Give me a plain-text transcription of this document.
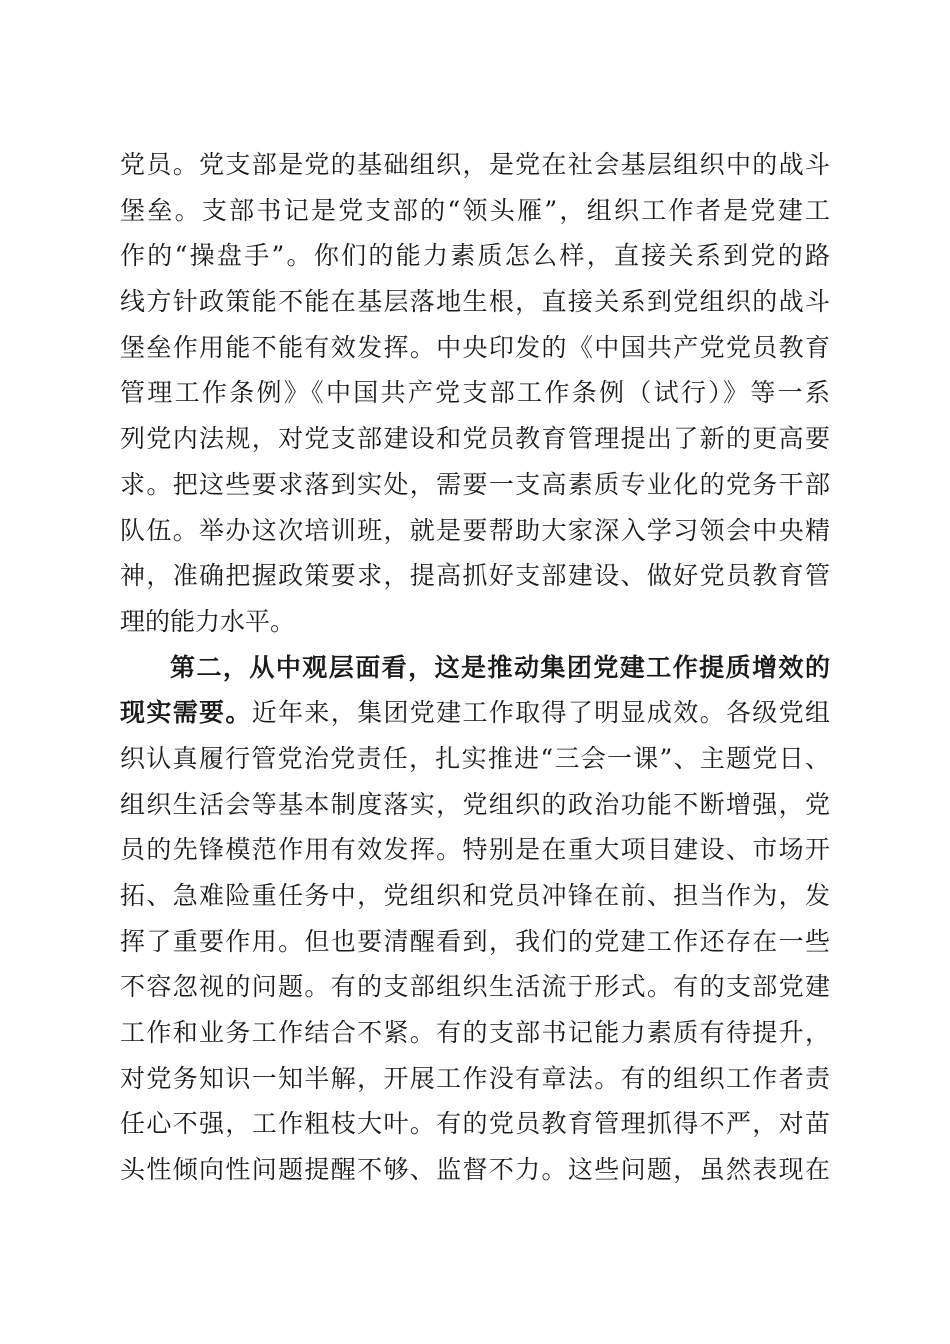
党员。党支部是党的基础组织，是党在社会基层组织中的战斗
堡垒。支部书记是党支部的“领头雁”，组织工作者是党建工
作的“操盘手”。你们的能力素质怎么样，直接关系到党的路
线方针政策能不能在基层落地生根，直接关系到党组织的战斗
堡垒作用能不能有效发挥。中央印发的《中国共产党党员教育
管理工作条例》《中国共产党支部工作条例（试行）》等一系
列党内法规，对党支部建设和党员教育管理提出了新的更高要
求。把这些要求落到实处，需要一支高素质专业化的党务干部
队伍。举办这次培训班，就是要帮助大家深入学习领会中央精
神，准确把握政策要求，提高抓好支部建设、做好党员教育管
理的能力水平。
第二，从中观层面看，这是推动集团党建工作提质增效的
现实需要。近年来，集团党建工作取得了明显成效。各级党组
织认真履行管党治党责任，扎实推进“三会一课”、主题党日、
组织生活会等基本制度落实，党组织的政治功能不断增强，党
员的先锋模范作用有效发挥。特别是在重大项目建设、市场开
拓、急难险重任务中，党组织和党员冲锋在前、担当作为，发
挥了重要作用。但也要清醒看到，我们的党建工作还存在一些
不容忽视的问题。有的支部组织生活流于形式。有的支部党建
工作和业务工作结合不紧。有的支部书记能力素质有待提升，
对党务知识一知半解，开展工作没有章法。有的组织工作者责
任心不强，工作粗枝大叶。有的党员教育管理抓得不严，对苗
头性倾向性问题提醒不够、监督不力。这些问题，虽然表现在
